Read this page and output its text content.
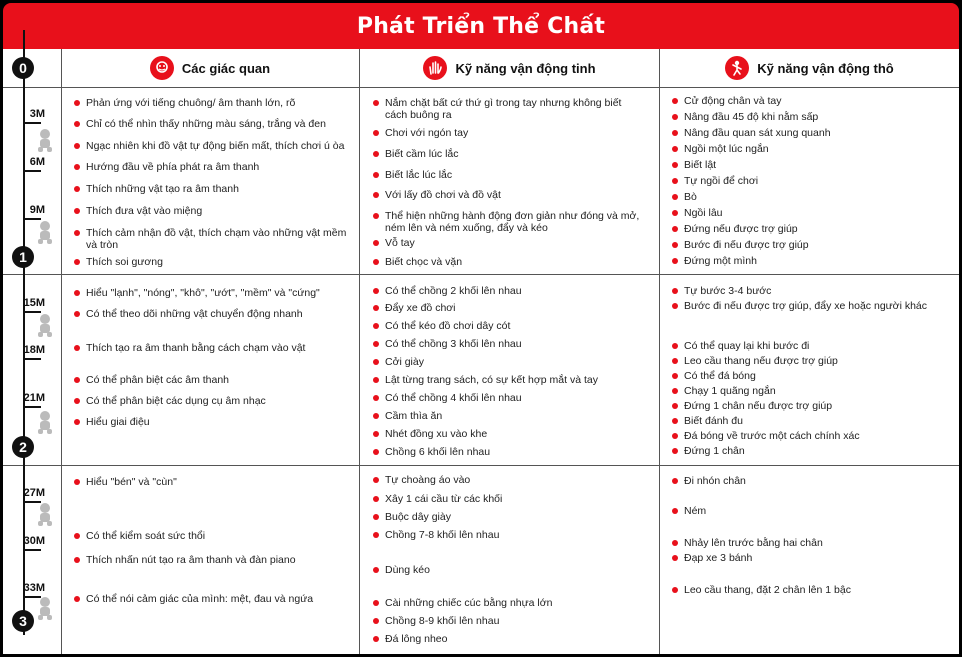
Phát Triển Thể Chất
Các giác quan	Kỹ năng vận động tinh	Kỹ năng vận động thô
0
1
2
3
3M
6M
9M
15M
18M
21M
27M
30M
33M
Phản ứng với tiếng chuông/ âm thanh lớn, rõ
Chỉ có thể nhìn thấy những màu sáng, trắng và đen
Ngạc nhiên khi đồ vật tự động biến mất, thích chơi ú òa
Hướng đầu về phía phát ra âm thanh
Thích những vật tạo ra âm thanh
Thích đưa vật vào miệng
Thích cảm nhận đồ vật, thích chạm vào những vật mềm và tròn
Thích soi gương
Nắm chặt bất cứ thứ gì trong tay nhưng không biết cách buông ra
Chơi với ngón tay
Biết cầm lúc lắc
Biết lắc lúc lắc
Với lấy đồ chơi và đồ vật
Thể hiện những hành động đơn giản như đóng và mở, ném lên và ném xuống, đẩy và kéo
Vỗ tay
Biết chọc và vặn
Cử động chân và tay
Nâng đầu 45 độ khi nằm sấp
Nâng đầu quan sát xung quanh
Ngồi một lúc ngắn
Biết lật
Tự ngồi để chơi
Bò
Ngồi lâu
Đứng nếu được trợ giúp
Bước đi nếu được trợ giúp
Đứng một mình
Hiểu "lạnh", "nóng", "khô", "ướt", "mềm" và "cứng"
Có thể theo dõi những vật chuyển động nhanh
Thích tạo ra âm thanh bằng cách chạm vào vật
Có thể phân biệt các âm thanh
Có thể phân biệt các dụng cụ âm nhạc
Hiểu giai điệu
Có thể chồng 2 khối lên nhau
Đẩy xe đồ chơi
Có thể kéo đồ chơi dây cót
Có thể chồng 3 khối lên nhau
Cởi giày
Lật từng trang sách, có sự kết hợp mắt và tay
Có thể chồng 4 khối lên nhau
Cầm thìa ăn
Nhét đồng xu vào khe
Chồng 6 khối lên nhau
Tự bước 3-4 bước
Bước đi nếu được trợ giúp, đẩy xe hoặc người khác
Có thể quay lại khi bước đi
Leo cầu thang nếu được trợ giúp
Có thể đá bóng
Chạy 1 quãng ngắn
Đứng 1 chân nếu được trợ giúp
Biết đánh đu
Đá bóng về trước một cách chính xác
Đứng 1 chân
Hiểu "bén" và "cùn"
Có thể kiểm soát sức thổi
Thích nhấn nút tạo ra âm thanh và đàn piano
Có thể nói cảm giác của mình: mệt, đau và ngứa
Tự choàng áo vào
Xây 1 cái cầu từ các khối
Buộc dây giày
Chồng 7-8 khối lên nhau
Dùng kéo
Cài những chiếc cúc bằng nhựa lớn
Chồng 8-9 khối lên nhau
Đá lông nheo
Đi nhón chân
Ném
Nhảy lên trước bằng hai chân
Đạp xe 3 bánh
Leo cầu thang, đặt 2 chân lên 1 bậc
